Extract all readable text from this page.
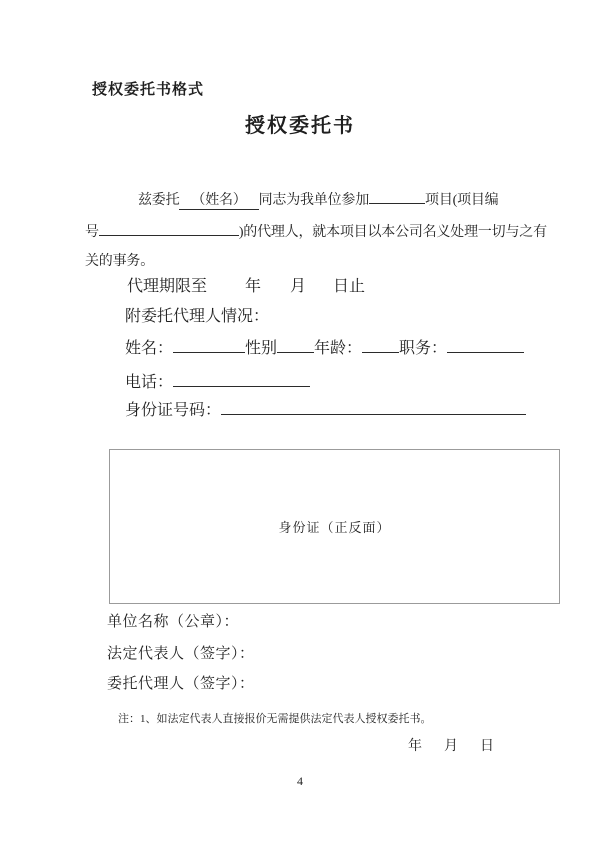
授权委托书格式
授权委托书
兹委托 （姓名） 同志为我单位参加	项目(项目编
号	)的代理人，就本项目以本公司名义处理一切与之有
关的事务。
代理期限至 年 月 日止
附委托代理人情况：
姓名：	性别 年龄： 职务：
电话：
身份证号码：
身份证（正反面）
单位名称（公章）：
法定代表人（签字）：
委托代理人（签字）：
注：1、如法定代表人直接报价无需提供法定代表人授权委托书。
年 月 日
4
